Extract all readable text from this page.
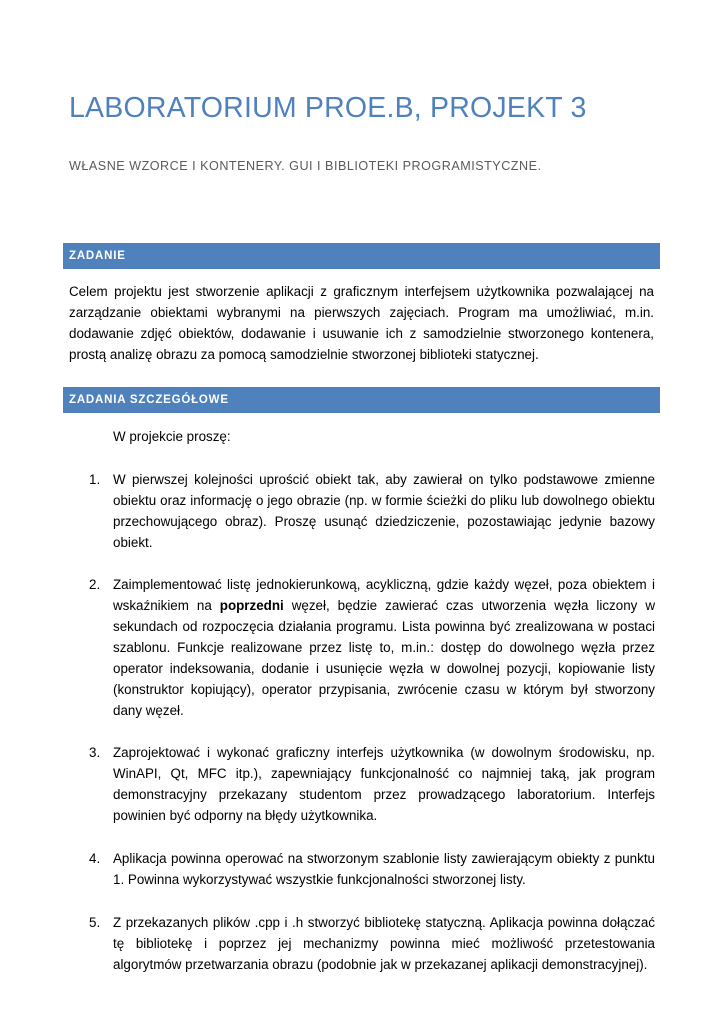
LABORATORIUM PROE.B, PROJEKT 3
WŁASNE WZORCE I KONTENERY. GUI I BIBLIOTEKI PROGRAMISTYCZNE.
ZADANIE
Celem projektu jest stworzenie aplikacji z graficznym interfejsem użytkownika pozwalającej na zarządzanie obiektami wybranymi na pierwszych zajęciach. Program ma umożliwiać, m.in. dodawanie zdjęć obiektów, dodawanie i usuwanie ich z samodzielnie stworzonego kontenera, prostą analizę obrazu za pomocą samodzielnie stworzonej biblioteki statycznej.
ZADANIA SZCZEGÓŁOWE
W projekcie proszę:
1. W pierwszej kolejności uprościć obiekt tak, aby zawierał on tylko podstawowe zmienne obiektu oraz informację o jego obrazie (np. w formie ścieżki do pliku lub dowolnego obiektu przechowującego obraz). Proszę usunąć dziedziczenie, pozostawiając jedynie bazowy obiekt.
2. Zaimplementować listę jednokierunkową, acykliczną, gdzie każdy węzeł, poza obiektem i wskaźnikiem na poprzedni węzeł, będzie zawierać czas utworzenia węzła liczony w sekundach od rozpoczęcia działania programu. Lista powinna być zrealizowana w postaci szablonu. Funkcje realizowane przez listę to, m.in.: dostęp do dowolnego węzła przez operator indeksowania, dodanie i usunięcie węzła w dowolnej pozycji, kopiowanie listy (konstruktor kopiujący), operator przypisania, zwrócenie czasu w którym był stworzony dany węzeł.
3. Zaprojektować i wykonać graficzny interfejs użytkownika (w dowolnym środowisku, np. WinAPI, Qt, MFC itp.), zapewniający funkcjonalność co najmniej taką, jak program demonstracyjny przekazany studentom przez prowadzącego laboratorium. Interfejs powinien być odporny na błędy użytkownika.
4. Aplikacja powinna operować na stworzonym szablonie listy zawierającym obiekty z punktu 1. Powinna wykorzystywać wszystkie funkcjonalności stworzonej listy.
5. Z przekazanych plików .cpp i .h stworzyć bibliotekę statyczną. Aplikacja powinna dołączać tę bibliotekę i poprzez jej mechanizmy powinna mieć możliwość przetestowania algorytmów przetwarzania obrazu (podobnie jak w przekazanej aplikacji demonstracyjnej).
